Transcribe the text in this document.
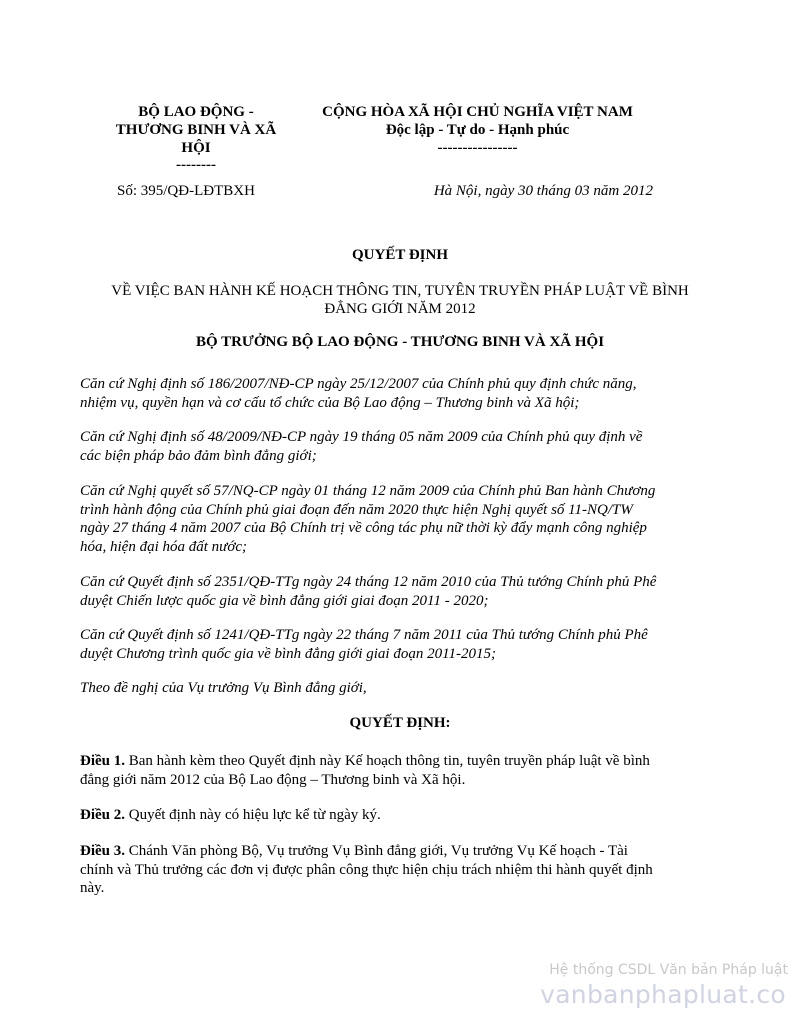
BỘ LAO ĐỘNG -
THƯƠNG BINH VÀ XÃ
HỘI
--------
CỘNG HÒA XÃ HỘI CHỦ NGHĨA VIỆT NAM
Độc lập - Tự do - Hạnh phúc
----------------
Số: 395/QĐ-LĐTBXH	Hà Nội, ngày 30 tháng 03 năm 2012
QUYẾT ĐỊNH
VỀ VIỆC BAN HÀNH KẾ HOẠCH THÔNG TIN, TUYÊN TRUYỀN PHÁP LUẬT VỀ BÌNH
ĐẲNG GIỚI NĂM 2012
BỘ TRƯỞNG BỘ LAO ĐỘNG - THƯƠNG BINH VÀ XÃ HỘI
Căn cứ Nghị định số 186/2007/NĐ-CP ngày 25/12/2007 của Chính phủ quy định chức năng,
nhiệm vụ, quyền hạn và cơ cấu tổ chức của Bộ Lao động – Thương binh và Xã hội;
Căn cứ Nghị định số 48/2009/NĐ-CP ngày 19 tháng 05 năm 2009 của Chính phủ quy định về
các biện pháp bảo đảm bình đẳng giới;
Căn cứ Nghị quyết số 57/NQ-CP ngày 01 tháng 12 năm 2009 của Chính phủ Ban hành Chương
trình hành động của Chính phủ giai đoạn đến năm 2020 thực hiện Nghị quyết số 11-NQ/TW
ngày 27 tháng 4 năm 2007 của Bộ Chính trị về công tác phụ nữ thời kỳ đẩy mạnh công nghiệp
hóa, hiện đại hóa đất nước;
Căn cứ Quyết định số 2351/QĐ-TTg ngày 24 tháng 12 năm 2010 của Thủ tướng Chính phủ Phê
duyệt Chiến lược quốc gia về bình đẳng giới giai đoạn 2011 - 2020;
Căn cứ Quyết định số 1241/QĐ-TTg ngày 22 tháng 7 năm 2011 của Thủ tướng Chính phủ Phê
duyệt Chương trình quốc gia về bình đẳng giới giai đoạn 2011-2015;
Theo đề nghị của Vụ trưởng Vụ Bình đẳng giới,
QUYẾT ĐỊNH:
Điều 1. Ban hành kèm theo Quyết định này Kế hoạch thông tin, tuyên truyền pháp luật về bình
đẳng giới năm 2012 của Bộ Lao động – Thương binh và Xã hội.
Điều 2. Quyết định này có hiệu lực kể từ ngày ký.
Điều 3. Chánh Văn phòng Bộ, Vụ trưởng Vụ Bình đẳng giới, Vụ trưởng Vụ Kế hoạch - Tài
chính và Thủ trưởng các đơn vị được phân công thực hiện chịu trách nhiệm thi hành quyết định
này.
Hệ thống CSDL Văn bản Pháp luật
vanbanphapluat.co
